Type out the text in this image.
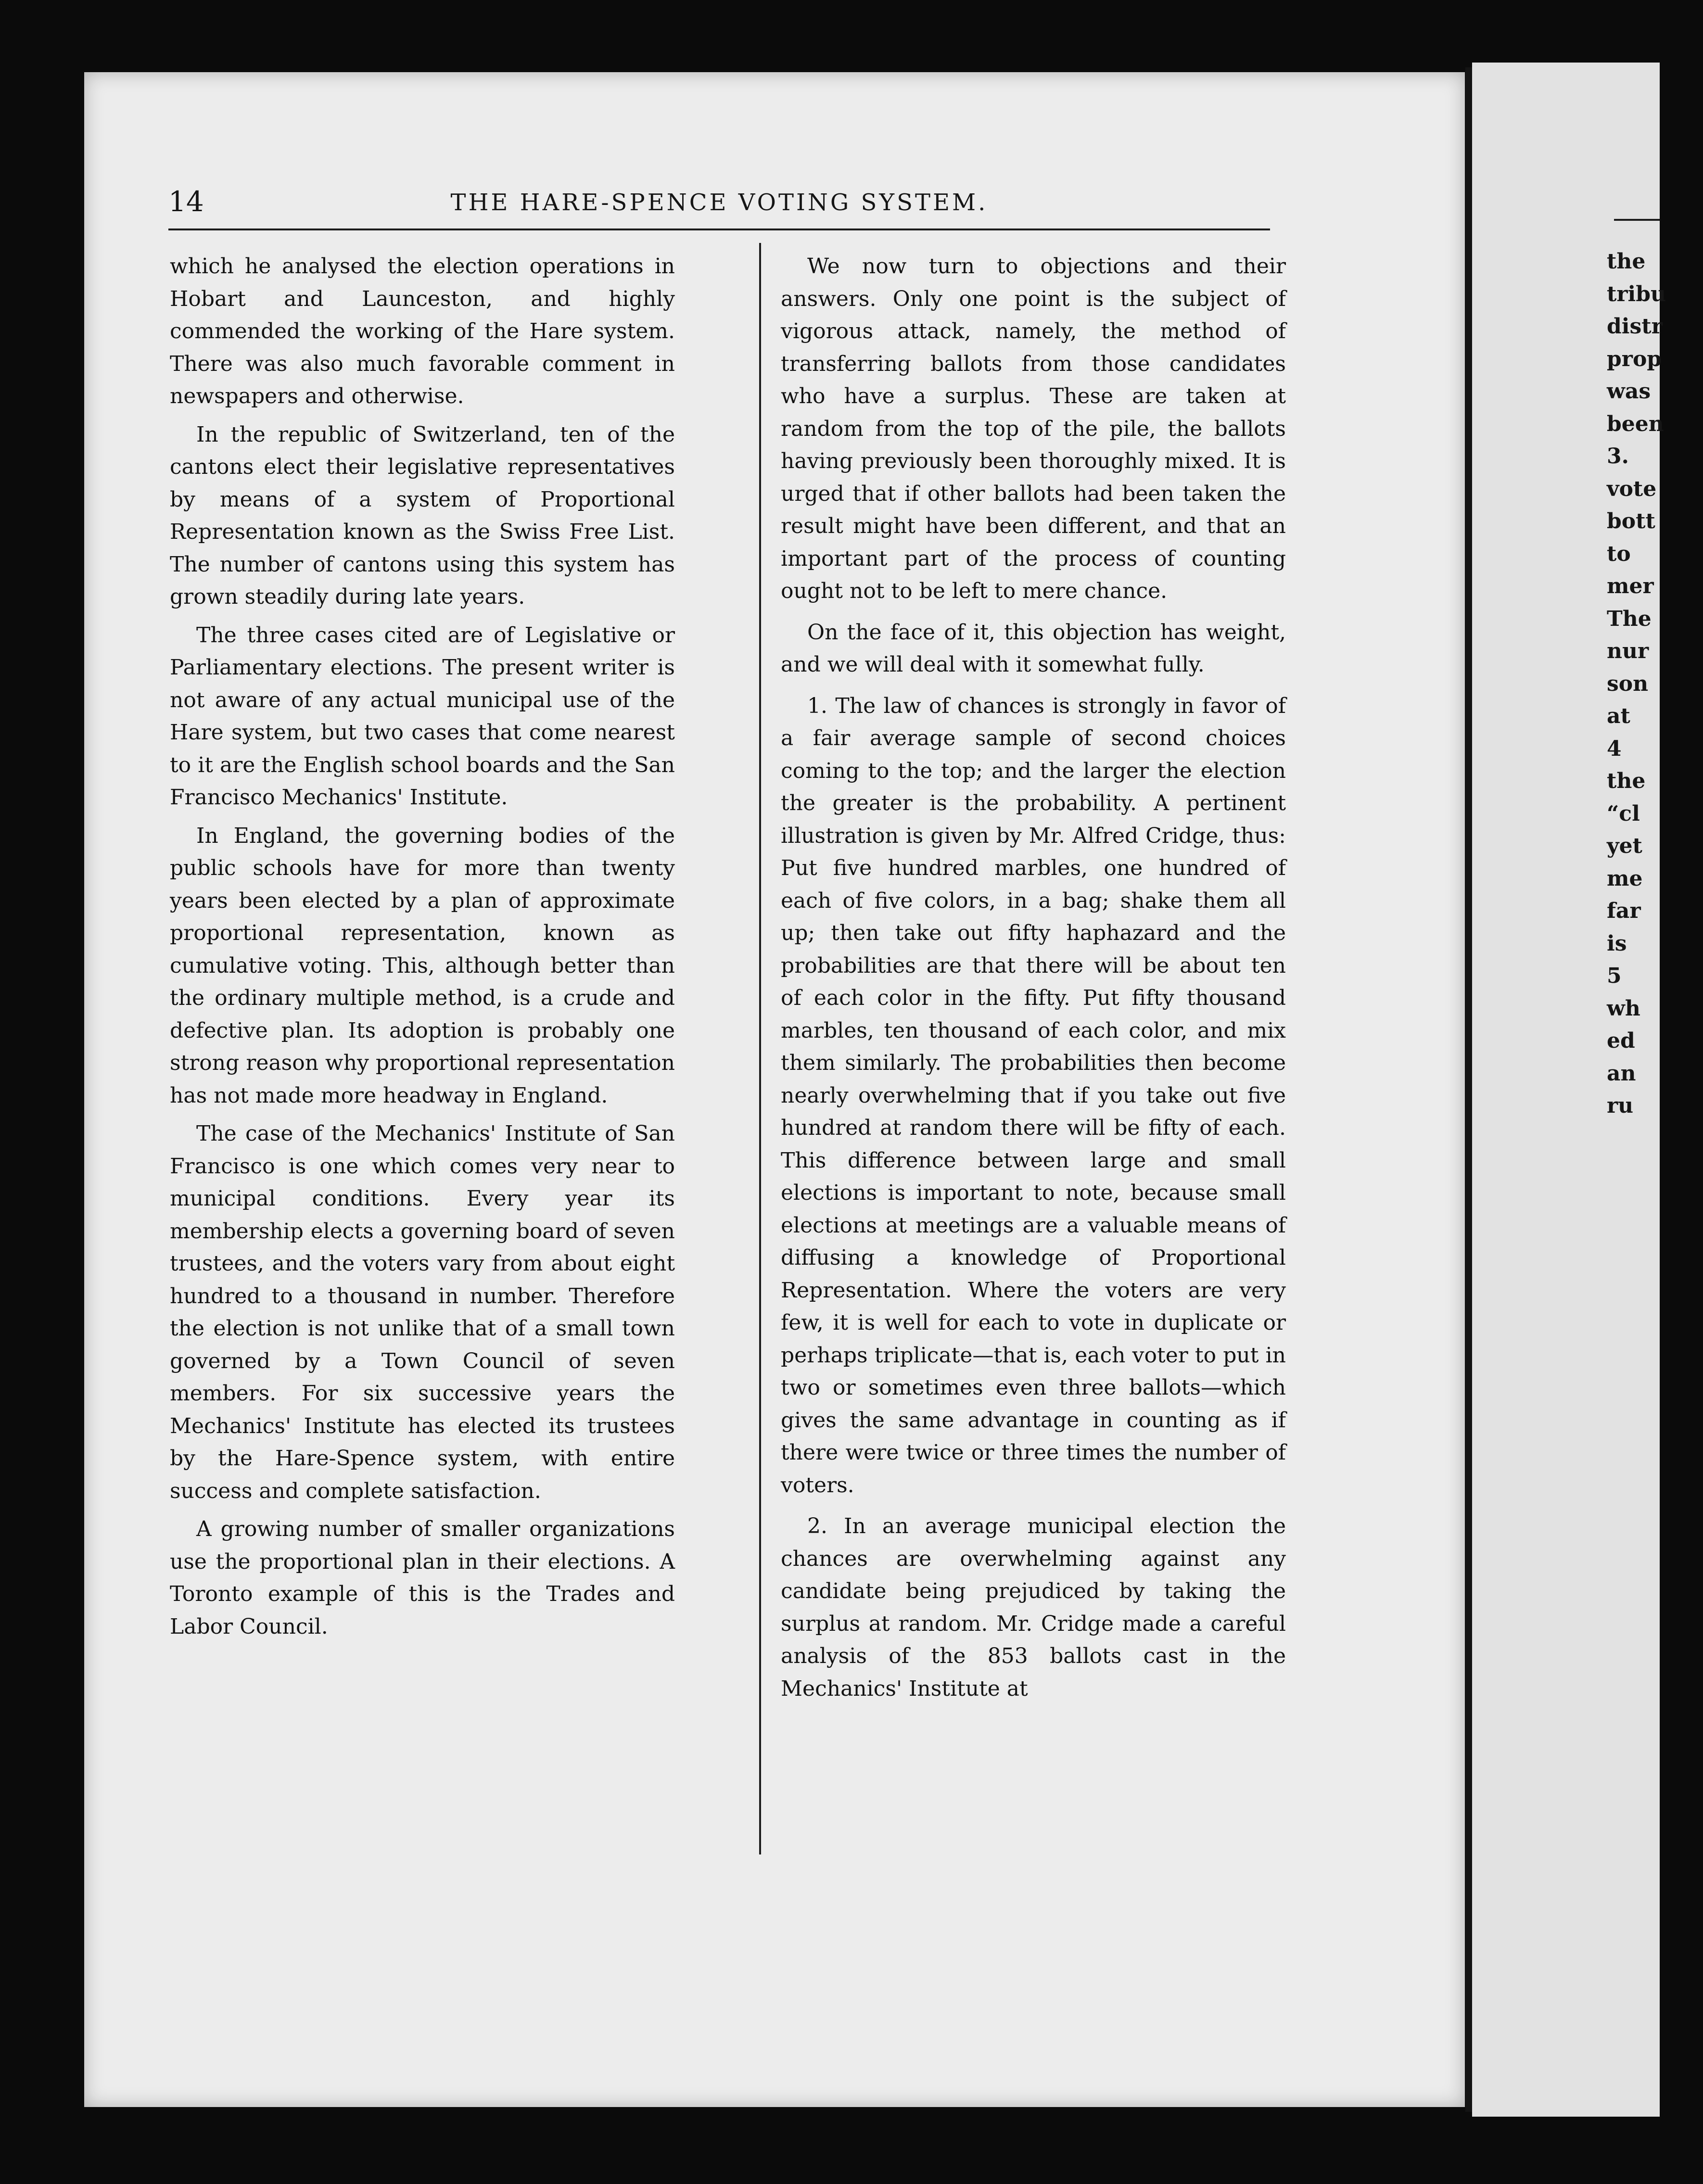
14	THE HARE-SPENCE VOTING SYSTEM.

which he analysed the election operations in Hobart and Launceston, and highly commended the working of the Hare system. There was also much favorable comment in newspapers and otherwise.

In the republic of Switzerland, ten of the cantons elect their legislative representatives by means of a system of Proportional Representation known as the Swiss Free List. The number of cantons using this system has grown steadily during late years.

The three cases cited are of Legislative or Parliamentary elections. The present writer is not aware of any actual municipal use of the Hare system, but two cases that come nearest to it are the English school boards and the San Francisco Mechanics' Institute.

In England, the governing bodies of the public schools have for more than twenty years been elected by a plan of approximate proportional representation, known as cumulative voting. This, although better than the ordinary multiple method, is a crude and defective plan. Its adoption is probably one strong reason why proportional representation has not made more headway in England.

The case of the Mechanics' Institute of San Francisco is one which comes very near to municipal conditions. Every year its membership elects a governing board of seven trustees, and the voters vary from about eight hundred to a thousand in number. Therefore the election is not unlike that of a small town governed by a Town Council of seven members. For six successive years the Mechanics' Institute has elected its trustees by the Hare-Spence system, with entire success and complete satisfaction.

A growing number of smaller organizations use the proportional plan in their elections. A Toronto example of this is the Trades and Labor Council.

We now turn to objections and their answers. Only one point is the subject of vigorous attack, namely, the method of transferring ballots from those candidates who have a surplus. These are taken at random from the top of the pile, the ballots having previously been thoroughly mixed. It is urged that if other ballots had been taken the result might have been different, and that an important part of the process of counting ought not to be left to mere chance.

On the face of it, this objection has weight, and we will deal with it somewhat fully.

1. The law of chances is strongly in favor of a fair average sample of second choices coming to the top; and the larger the election the greater is the probability. A pertinent illustration is given by Mr. Alfred Cridge, thus: Put five hundred marbles, one hundred of each of five colors, in a bag; shake them all up; then take out fifty haphazard and the probabilities are that there will be about ten of each color in the fifty. Put fifty thousand marbles, ten thousand of each color, and mix them similarly. The probabilities then become nearly overwhelming that if you take out five hundred at random there will be fifty of each. This difference between large and small elections is important to note, because small elections at meetings are a valuable means of diffusing a knowledge of Proportional Representation. Where the voters are very few, it is well for each to vote in duplicate or perhaps triplicate—that is, each voter to put in two or sometimes even three ballots—which gives the same advantage in counting as if there were twice or three times the number of voters.

2. In an average municipal election the chances are overwhelming against any candidate being prejudiced by taking the surplus at random. Mr. Cridge made a careful analysis of the 853 ballots cast in the Mechanics' Institute at

the
tribu
distr
prop
was
been
3.
vote
bott
to
mer
The
nur
son
at
4
the
“cl
yet
me
far
is
5
wh
ed
an
ru
